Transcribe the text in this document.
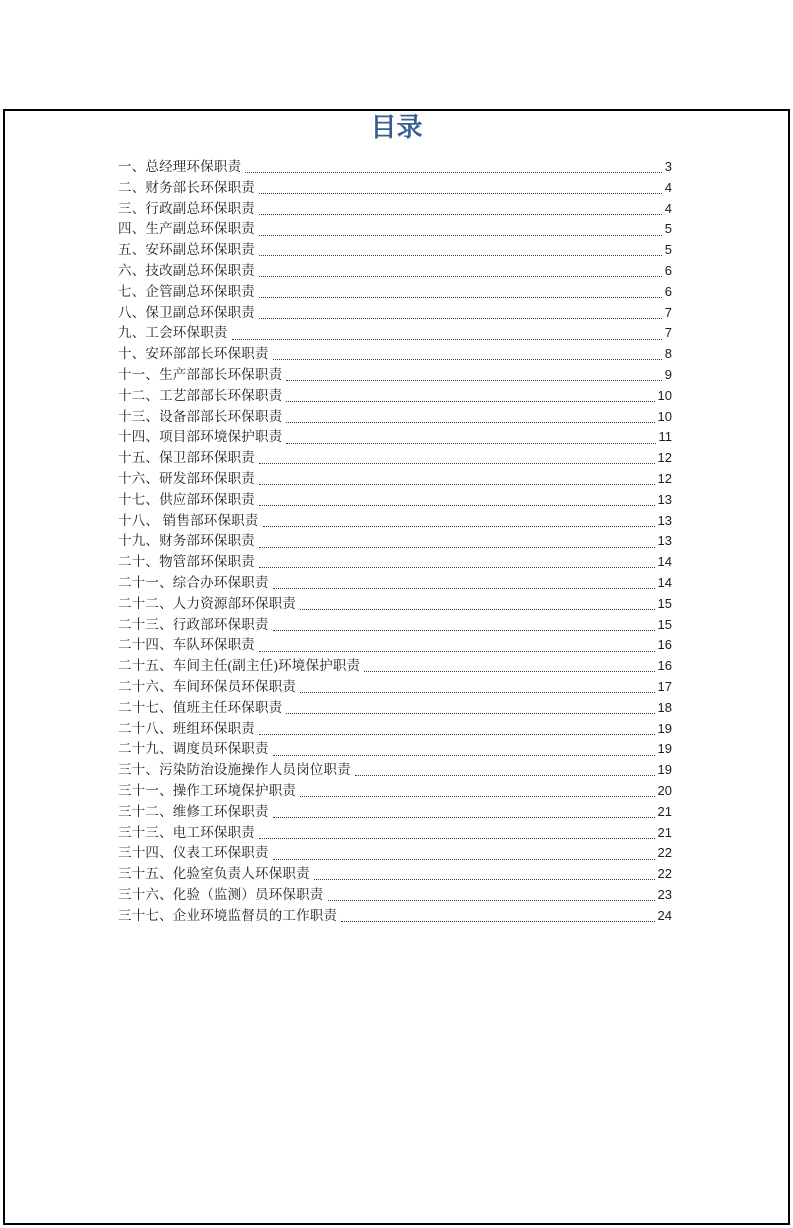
目录
一、总经理环保职责	3
二、财务部长环保职责	4
三、行政副总环保职责	4
四、生产副总环保职责	5
五、安环副总环保职责	5
六、技改副总环保职责	6
七、企管副总环保职责	6
八、保卫副总环保职责	7
九、工会环保职责	7
十、安环部部长环保职责	8
十一、生产部部长环保职责	9
十二、工艺部部长环保职责	10
十三、设备部部长环保职责	10
十四、项目部环境保护职责	11
十五、保卫部环保职责	12
十六、研发部环保职责	12
十七、供应部环保职责	13
十八、 销售部环保职责	13
十九、财务部环保职责	13
二十、物管部环保职责	14
二十一、综合办环保职责	14
二十二、人力资源部环保职责	15
二十三、行政部环保职责	15
二十四、车队环保职责	16
二十五、车间主任(副主任)环境保护职责	16
二十六、车间环保员环保职责	17
二十七、值班主任环保职责	18
二十八、班组环保职责	19
二十九、调度员环保职责	19
三十、污染防治设施操作人员岗位职责	19
三十一、操作工环境保护职责	20
三十二、维修工环保职责	21
三十三、电工环保职责	21
三十四、仪表工环保职责	22
三十五、化验室负责人环保职责	22
三十六、化验（监测）员环保职责	23
三十七、企业环境监督员的工作职责	24
